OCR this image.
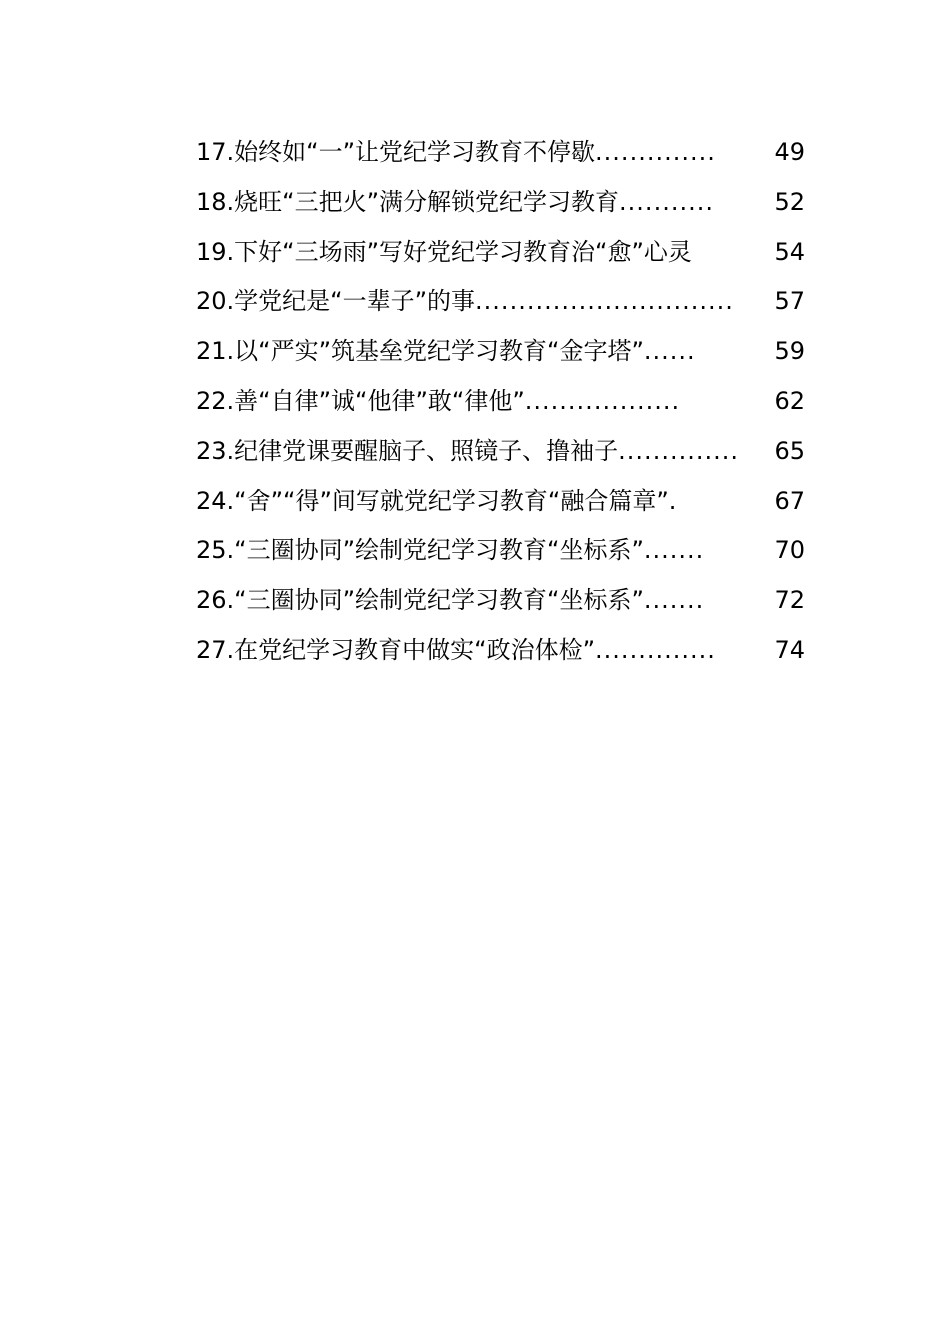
17. 始终如“一”让党纪学习教育不停歇 ..............	49
18. 烧旺“三把火”满分解锁党纪学习教育 ...........	52
19. 下好“三场雨”写好党纪学习教育治“愈”心灵	54
20. 学党纪是“一辈子”的事 ..............................	57
21. 以“严实”筑基垒党纪学习教育“金字塔” ......	59
22. 善“自律”诚“他律”敢“律他” ..................	62
23. 纪律党课要醒脑子、照镜子、撸袖子 ..............	65
24. “舍”“得”间写就党纪学习教育“融合篇章” .	67
25. “三圈协同”绘制党纪学习教育“坐标系” .......	70
26. “三圈协同”绘制党纪学习教育“坐标系” .......	72
27. 在党纪学习教育中做实“政治体检” ..............	74
